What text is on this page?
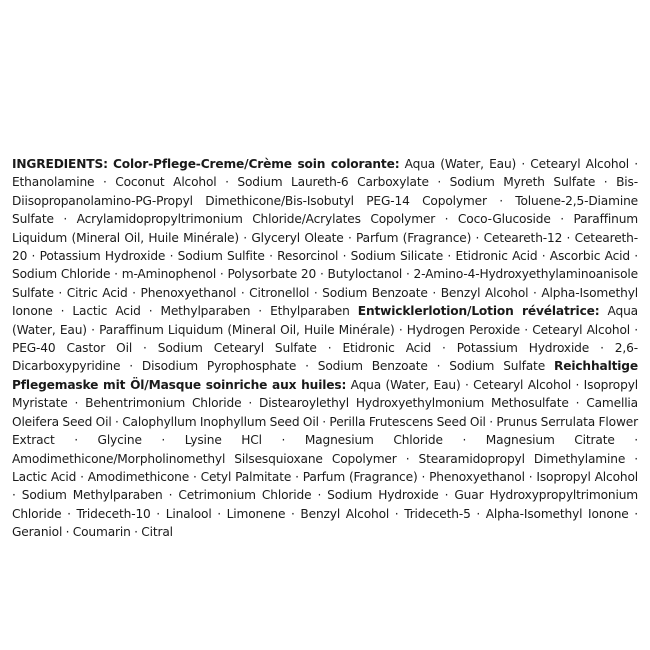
INGREDIENTS: Color-Pflege-Creme/Crème soin colorante: Aqua (Water, Eau) · Cetearyl Alcohol · Ethanolamine · Coconut Alcohol · Sodium Laureth-6 Carboxylate · Sodium Myreth Sulfate · Bis-Diisopropanolamino-PG-Propyl Dimethicone/Bis-Isobutyl PEG-14 Copolymer · Toluene-2,5-Diamine Sulfate · Acrylamidopropyltrimonium Chloride/Acrylates Copolymer · Coco-Glucoside · Paraffinum Liquidum (Mineral Oil, Huile Minérale) · Glyceryl Oleate · Parfum (Fragrance) · Ceteareth-12 · Ceteareth-20 · Potassium Hydroxide · Sodium Sulfite · Resorcinol · Sodium Silicate · Etidronic Acid · Ascorbic Acid · Sodium Chloride · m-Aminophenol · Polysorbate 20 · Butyloctanol · 2-Amino-4-Hydroxyethylaminoanisole Sulfate · Citric Acid · Phenoxyethanol · Citronellol · Sodium Benzoate · Benzyl Alcohol · Alpha-Isomethyl Ionone · Lactic Acid · Methylparaben · Ethylparaben Entwicklerlotion/Lotion révélatrice: Aqua (Water, Eau) · Paraffinum Liquidum (Mineral Oil, Huile Minérale) · Hydrogen Peroxide · Cetearyl Alcohol · PEG-40 Castor Oil · Sodium Cetearyl Sulfate · Etidronic Acid · Potassium Hydroxide · 2,6-Dicarboxypyridine · Disodium Pyrophosphate · Sodium Benzoate · Sodium Sulfate Reichhaltige Pflegemaske mit Öl/Masque soinriche aux huiles: Aqua (Water, Eau) · Cetearyl Alcohol · Isopropyl Myristate · Behentrimonium Chloride · Distearoylethyl Hydroxyethylmonium Methosulfate · Camellia Oleifera Seed Oil · Calophyllum Inophyllum Seed Oil · Perilla Frutescens Seed Oil · Prunus Serrulata Flower Extract · Glycine · Lysine HCl · Magnesium Chloride · Magnesium Citrate · Amodimethicone/Morpholinomethyl Silsesquioxane Copolymer · Stearamidopropyl Dimethylamine · Lactic Acid · Amodimethicone · Cetyl Palmitate · Parfum (Fragrance) · Phenoxyethanol · Isopropyl Alcohol · Sodium Methylparaben · Cetrimonium Chloride · Sodium Hydroxide · Guar Hydroxypropyltrimonium Chloride · Trideceth-10 · Linalool · Limonene · Benzyl Alcohol · Trideceth-5 · Alpha-Isomethyl Ionone · Geraniol · Coumarin · Citral
